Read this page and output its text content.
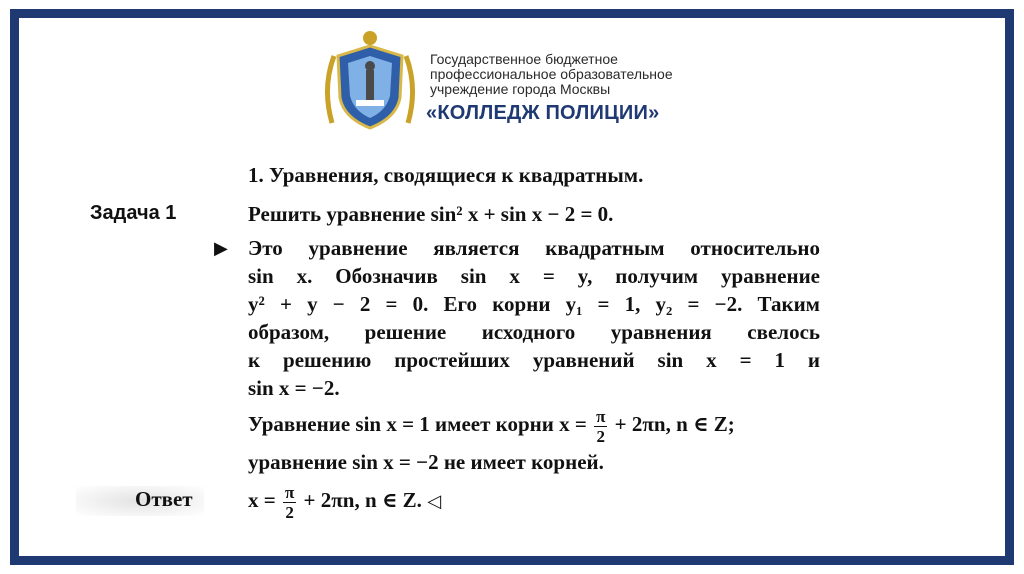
Государственное бюджетное
профессиональное образовательное
учреждение города Москвы
«КОЛЛЕДЖ ПОЛИЦИИ»
1. Уравнения, сводящиеся к квадратным.
Задача 1	Решить уравнение sin² x + sin x − 2 = 0.
▶ Это уравнение является квадратным относительно
sin x. Обозначив sin x = y, получим уравнение
y² + y − 2 = 0. Его корни y₁ = 1, y₂ = −2. Таким
образом, решение исходного уравнения свелось
к решению простейших уравнений sin x = 1 и
sin x = −2.
Уравнение sin x = 1 имеет корни $x = \frac{\pi}{2} + 2\pi n$, n ∈ Z;
уравнение sin x = −2 не имеет корней.
Ответ	$x = \frac{\pi}{2} + 2\pi n$, n ∈ Z. ◁
